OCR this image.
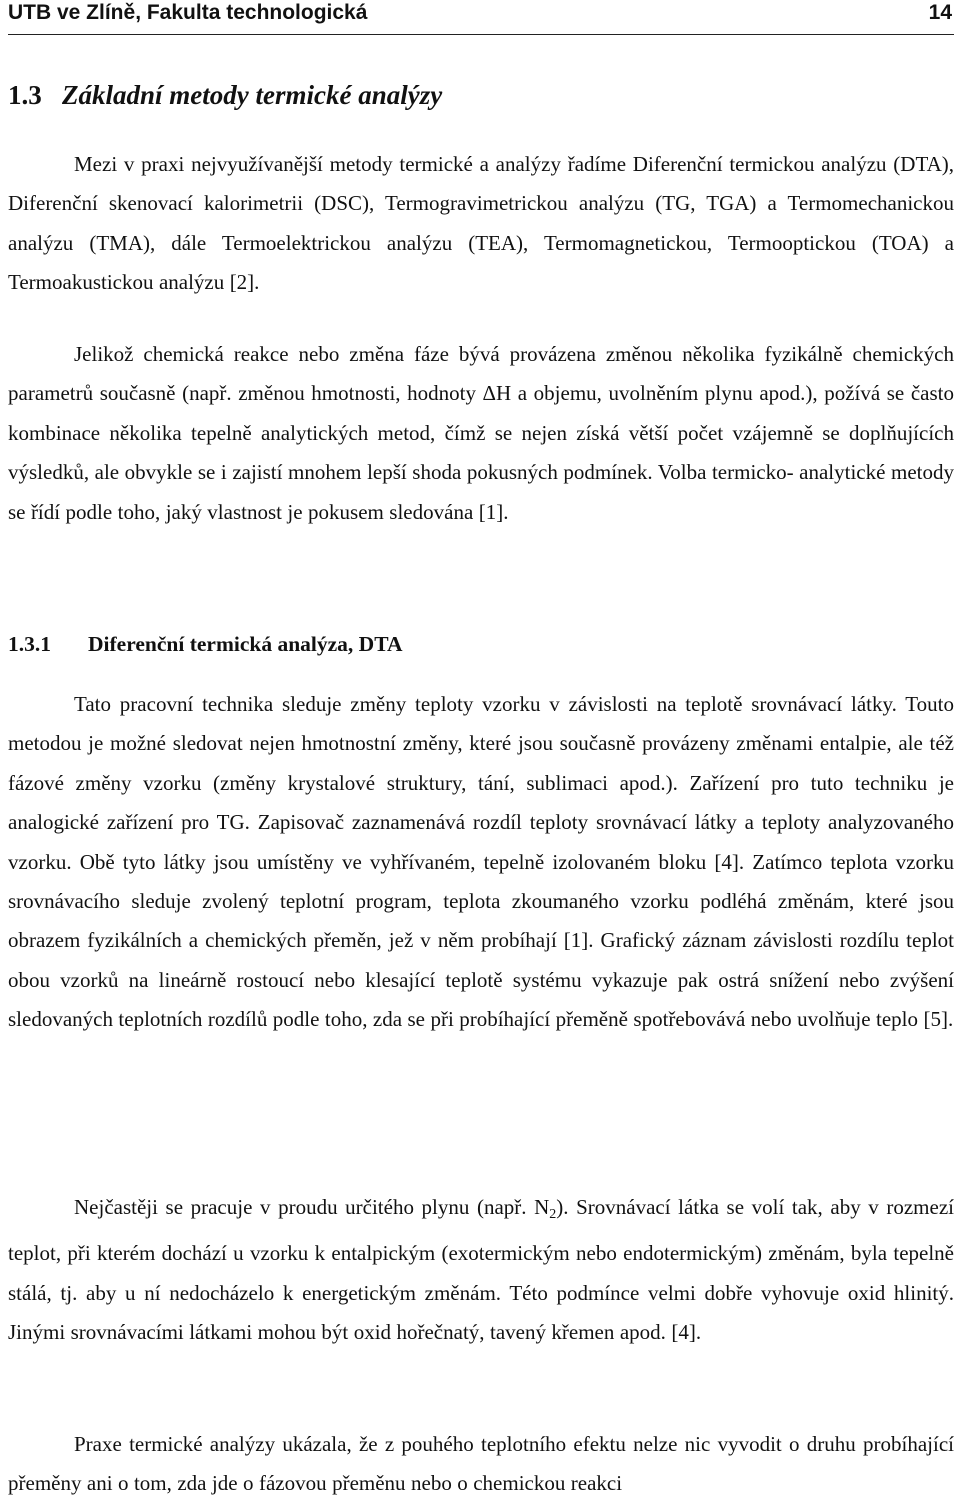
UTB ve Zlíně, Fakulta technologická	14
1.3 Základní metody termické analýzy
Mezi v praxi nejvyužívanější metody termické a analýzy řadíme Diferenční termickou analýzu (DTA), Diferenční skenovací kalorimetrii (DSC), Termogravimetrickou analýzu (TG, TGA) a Termomechanickou analýzu (TMA), dále Termoelektrickou analýzu (TEA), Termomagnetickou, Termooptickou (TOA) a Termoakustickou analýzu [2].
Jelikož chemická reakce nebo změna fáze bývá provázena změnou několika fyzikálně chemických parametrů současně (např. změnou hmotnosti, hodnoty ΔH a objemu, uvolněním plynu apod.), požívá se často kombinace několika tepelně analytických metod, čímž se nejen získá větší počet vzájemně se doplňujících výsledků, ale obvykle se i zajistí mnohem lepší shoda pokusných podmínek. Volba termicko- analytické metody se řídí podle toho, jaký vlastnost je pokusem sledována [1].
1.3.1 Diferenční termická analýza, DTA
Tato pracovní technika sleduje změny teploty vzorku v závislosti na teplotě srovnávací látky. Touto metodou je možné sledovat nejen hmotnostní změny, které jsou současně provázeny změnami entalpie, ale též fázové změny vzorku (změny krystalové struktury, tání, sublimaci apod.). Zařízení pro tuto techniku je analogické zařízení pro TG. Zapisovač zaznamenává rozdíl teploty srovnávací látky a teploty analyzovaného vzorku. Obě tyto látky jsou umístěny ve vyhřívaném, tepelně izolovaném bloku [4]. Zatímco teplota vzorku srovnávacího sleduje zvolený teplotní program, teplota zkoumaného vzorku podléhá změnám, které jsou obrazem fyzikálních a chemických přeměn, jež v něm probíhají [1]. Grafický záznam závislosti rozdílu teplot obou vzorků na lineárně rostoucí nebo klesající teplotě systému vykazuje pak ostrá snížení nebo zvýšení sledovaných teplotních rozdílů podle toho, zda se při probíhající přeměně spotřebovává nebo uvolňuje teplo [5].
Nejčastěji se pracuje v proudu určitého plynu (např. $N_2$). Srovnávací látka se volí tak, aby v rozmezí teplot, při kterém dochází u vzorku k entalpickým (exotermickým nebo endotermickým) změnám, byla tepelně stálá, tj. aby u ní nedocházelo k energetickým změnám. Této podmínce velmi dobře vyhovuje oxid hlinitý. Jinými srovnávacími látkami mohou být oxid hořečnatý, tavený křemen apod. [4].
Praxe termické analýzy ukázala, že z pouhého teplotního efektu nelze nic vyvodit o druhu probíhající přeměny ani o tom, zda jde o fázovou přeměnu nebo o chemickou reakci
